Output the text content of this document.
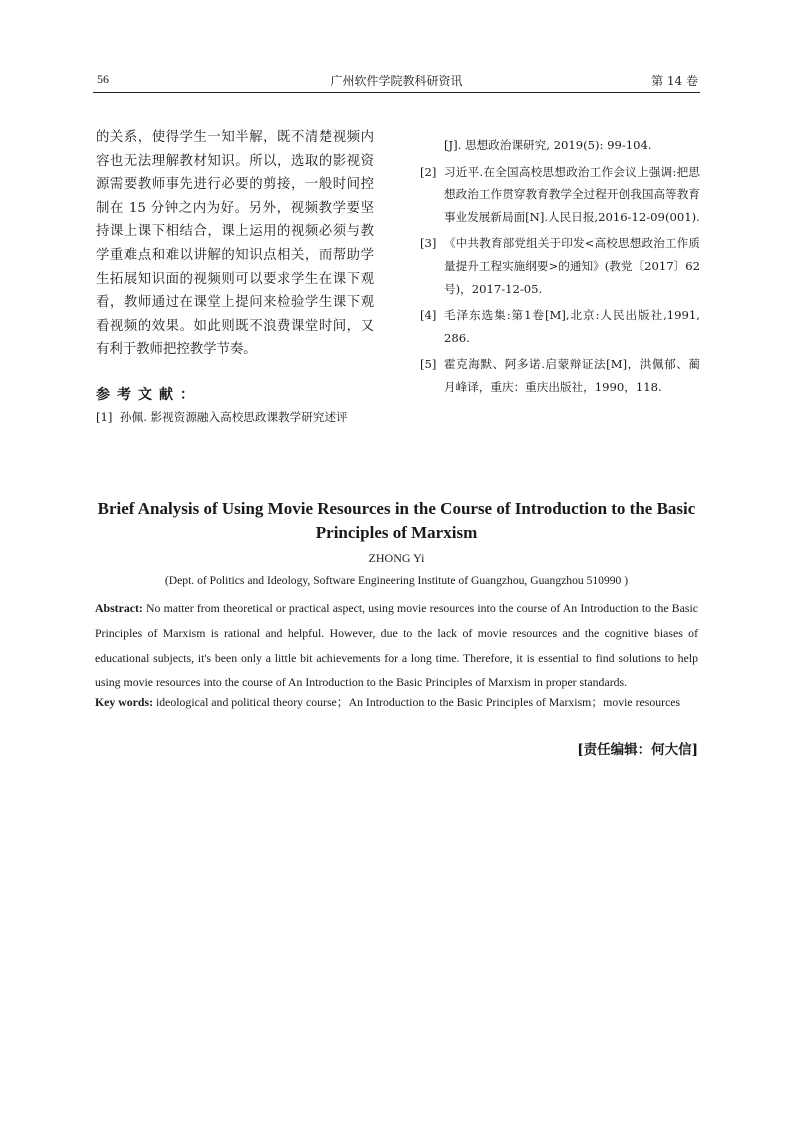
56	广州软件学院教科研资讯	第 14 卷

的关系，使得学生一知半解，既不清楚视频内容也无法理解教材知识。所以，选取的影视资源需要教师事先进行必要的剪接，一般时间控制在 15 分钟之内为好。另外，视频教学要坚持课上课下相结合，课上运用的视频必须与教学重难点和难以讲解的知识点相关，而帮助学生拓展知识面的视频则可以要求学生在课下观看，教师通过在课堂上提问来检验学生课下观看视频的效果。如此则既不浪费课堂时间，又有利于教师把控教学节奏。

参考文献：
[1] 孙佩. 影视资源融入高校思政课教学研究述评
[J]. 思想政治课研究, 2019(5): 99-104.
[2] 习近平.在全国高校思想政治工作会议上强调:把思想政治工作贯穿教育教学全过程开创我国高等教育事业发展新局面[N].人民日报,2016-12-09(001).
[3] 《中共教育部党组关于印发<高校思想政治工作质量提升工程实施纲要>的通知》(教党〔2017〕62号)，2017-12-05.
[4] 毛泽东选集:第1卷[M],北京:人民出版社,1991, 286.
[5] 霍克海默、阿多诺.启蒙辩证法[M]，洪佩郁、蔺月峰译，重庆：重庆出版社，1990，118.
Brief Analysis of Using Movie Resources in the Course of Introduction to the Basic Principles of Marxism
ZHONG Yi
(Dept. of Politics and Ideology, Software Engineering Institute of Guangzhou, Guangzhou 510990 )
Abstract: No matter from theoretical or practical aspect, using movie resources into the course of An Introduction to the Basic Principles of Marxism is rational and helpful. However, due to the lack of movie resources and the cognitive biases of educational subjects, it's been only a little bit achievements for a long time. Therefore, it is essential to find solutions to help using movie resources into the course of An Introduction to the Basic Principles of Marxism in proper standards.
Key words: ideological and political theory course；An Introduction to the Basic Principles of Marxism；movie resources
[责任编辑：何大信]
